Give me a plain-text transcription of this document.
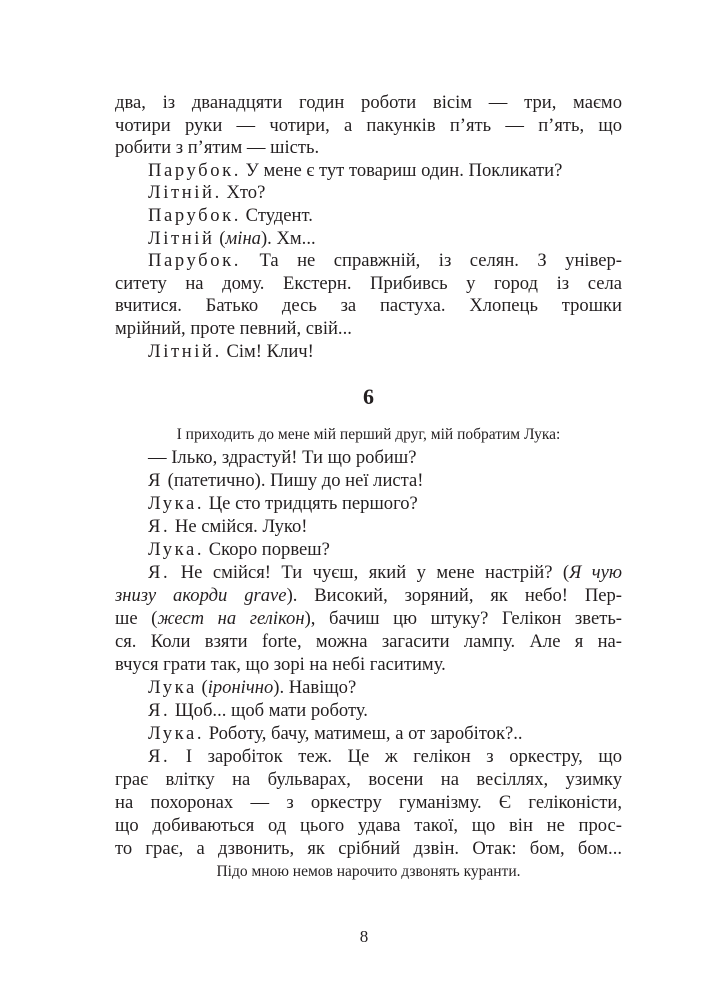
два, із дванадцяти годин роботи вісім — три, маємо
чотири руки — чотири, а пакунків п’ять — п’ять, що
робити з п’ятим — шість.
Парубок. У мене є тут товариш один. Покликати?
Літній. Хто?
Парубок. Студент.
Літній (міна). Хм...
Парубок. Та не справжній, із селян. З універ-
ситету на дому. Екстерн. Прибивсь у город із села
вчитися. Батько десь за пастуха. Хлопець трошки
мрійний, проте певний, свій...
Літній. Сім! Клич!
6
І приходить до мене мій перший друг, мій побратим Лука:
— Ілько, здрастуй! Ти що робиш?
Я (патетично). Пишу до неї листа!
Лука. Це сто тридцять першого?
Я. Не смійся. Луко!
Лука. Скоро порвеш?
Я. Не смійся! Ти чуєш, який у мене настрій? (Я чую
знизу акорди grave). Високий, зоряний, як небо! Пер-
ше (жест на гелікон), бачиш цю штуку? Гелікон зветь-
ся. Коли взяти forte, можна загасити лампу. Але я на-
вчуся грати так, що зорі на небі гаситиму.
Лука (іронічно). Навіщо?
Я. Щоб... щоб мати роботу.
Лука. Роботу, бачу, матимеш, а от заробіток?..
Я. І заробіток теж. Це ж гелікон з оркестру, що
грає влітку на бульварах, восени на весіллях, узимку
на похоронах — з оркестру гуманізму. Є геліконісти,
що добиваються од цього удава такої, що він не прос-
то грає, а дзвонить, як срібний дзвін. Отак: бом, бом...
Підо мною немов нарочито дзвонять куранти.
8
